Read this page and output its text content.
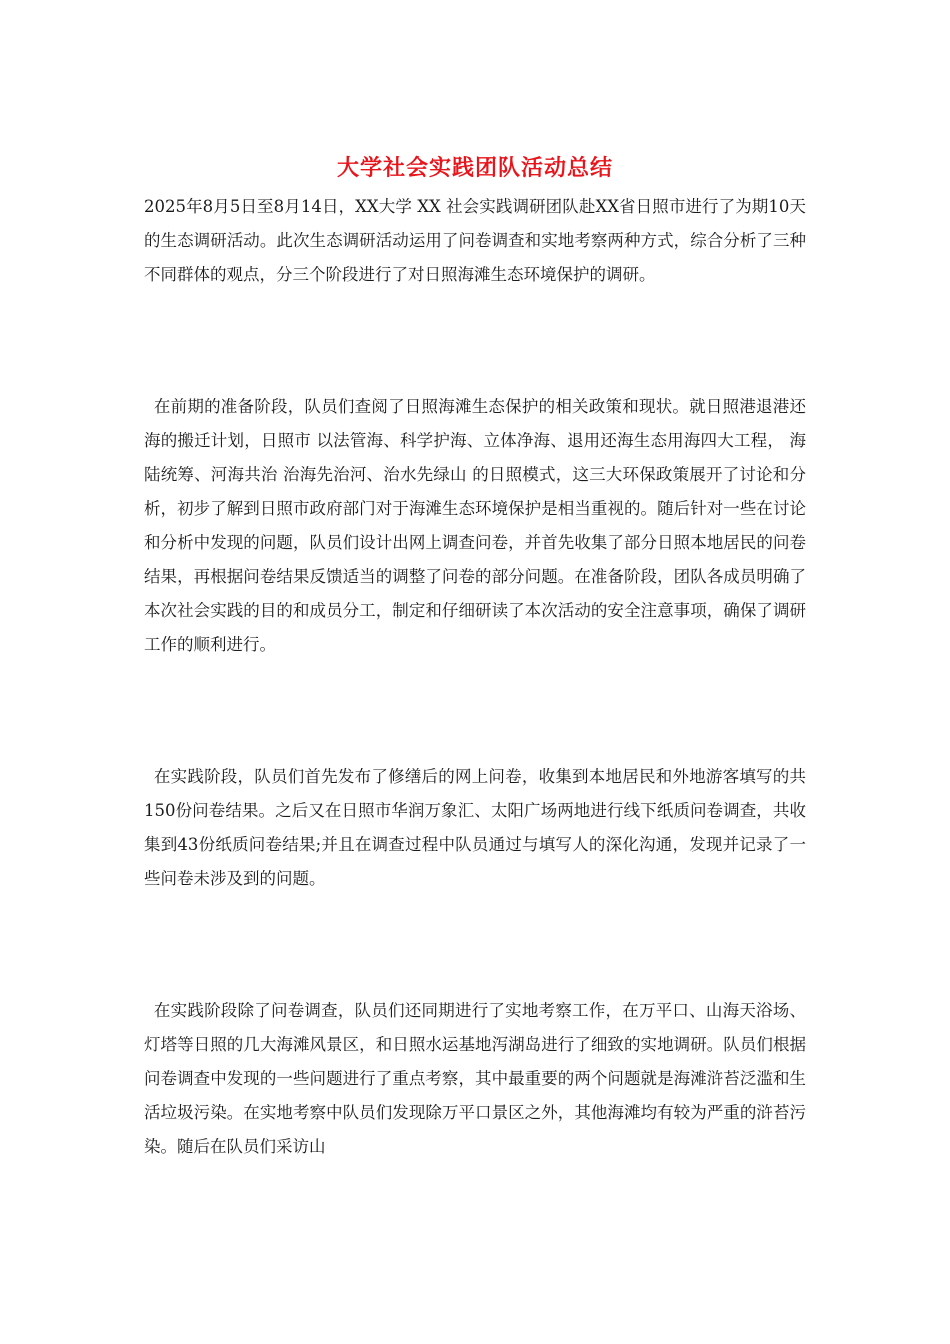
大学社会实践团队活动总结

2025年8月5日至8月14日，XX大学 XX 社会实践调研团队赴XX省日照市进行了为期10天的生态调研活动。此次生态调研活动运用了问卷调查和实地考察两种方式，综合分析了三种不同群体的观点，分三个阶段进行了对日照海滩生态环境保护的调研。

在前期的准备阶段，队员们查阅了日照海滩生态保护的相关政策和现状。就日照港退港还海的搬迁计划，日照市 以法管海、科学护海、立体净海、退用还海生态用海四大工程， 海陆统筹、河海共治 治海先治河、治水先绿山 的日照模式，这三大环保政策展开了讨论和分析，初步了解到日照市政府部门对于海滩生态环境保护是相当重视的。随后针对一些在讨论和分析中发现的问题，队员们设计出网上调查问卷，并首先收集了部分日照本地居民的问卷结果，再根据问卷结果反馈适当的调整了问卷的部分问题。在准备阶段，团队各成员明确了本次社会实践的目的和成员分工，制定和仔细研读了本次活动的安全注意事项，确保了调研工作的顺利进行。

在实践阶段，队员们首先发布了修缮后的网上问卷，收集到本地居民和外地游客填写的共150份问卷结果。之后又在日照市华润万象汇、太阳广场两地进行线下纸质问卷调查，共收集到43份纸质问卷结果;并且在调查过程中队员通过与填写人的深化沟通，发现并记录了一些问卷未涉及到的问题。

在实践阶段除了问卷调查，队员们还同期进行了实地考察工作，在万平口、山海天浴场、灯塔等日照的几大海滩风景区，和日照水运基地泻湖岛进行了细致的实地调研。队员们根据问卷调查中发现的一些问题进行了重点考察，其中最重要的两个问题就是海滩浒苔泛滥和生活垃圾污染。在实地考察中队员们发现除万平口景区之外，其他海滩均有较为严重的浒苔污染。随后在队员们采访山
